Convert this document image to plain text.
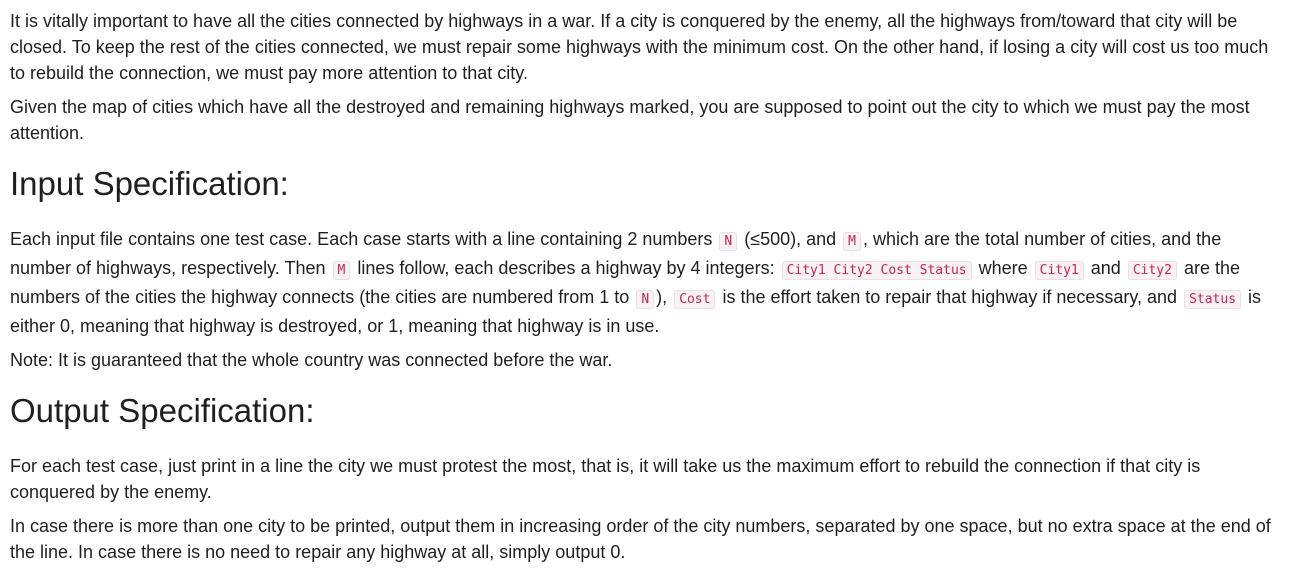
It is vitally important to have all the cities connected by highways in a war. If a city is conquered by the enemy, all the highways from/toward that city will be closed. To keep the rest of the cities connected, we must repair some highways with the minimum cost. On the other hand, if losing a city will cost us too much to rebuild the connection, we must pay more attention to that city.

Given the map of cities which have all the destroyed and remaining highways marked, you are supposed to point out the city to which we must pay the most attention.

Input Specification:

Each input file contains one test case. Each case starts with a line containing 2 numbers N (≤500), and M , which are the total number of cities, and the number of highways, respectively. Then M lines follow, each describes a highway by 4 integers: City1 City2 Cost Status where City1 and City2 are the numbers of the cities the highway connects (the cities are numbered from 1 to N ), Cost is the effort taken to repair that highway if necessary, and Status is either 0, meaning that highway is destroyed, or 1, meaning that highway is in use.

Note: It is guaranteed that the whole country was connected before the war.

Output Specification:

For each test case, just print in a line the city we must protest the most, that is, it will take us the maximum effort to rebuild the connection if that city is conquered by the enemy.

In case there is more than one city to be printed, output them in increasing order of the city numbers, separated by one space, but no extra space at the end of the line. In case there is no need to repair any highway at all, simply output 0.
